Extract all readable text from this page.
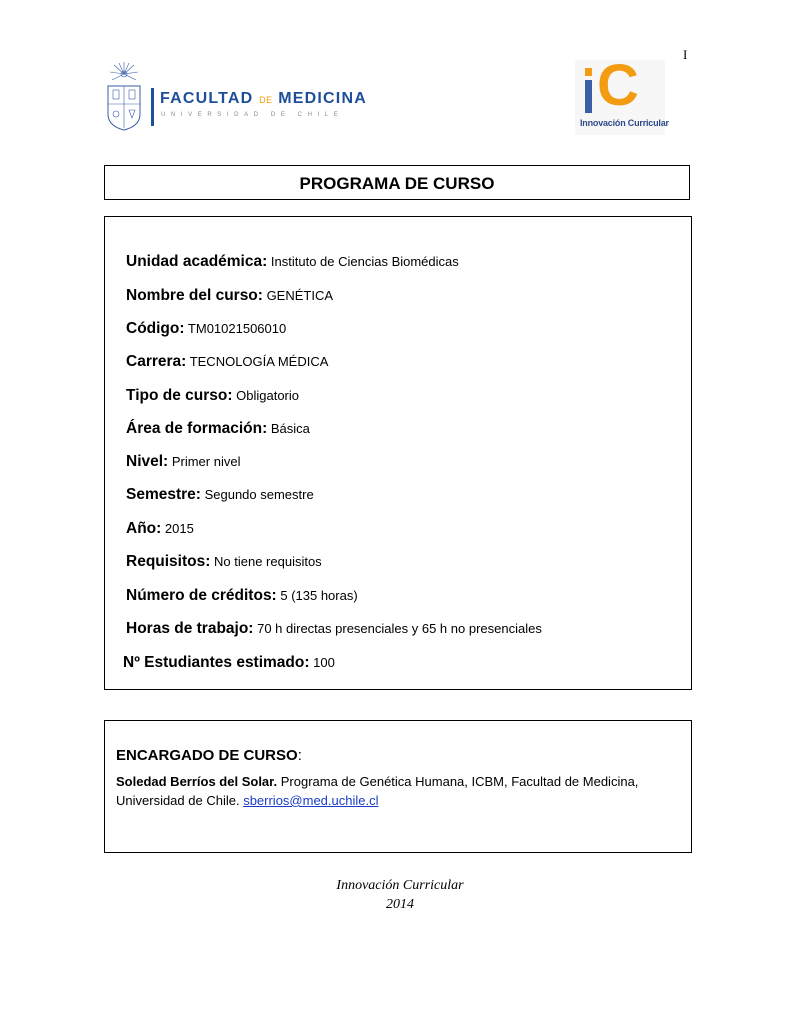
I
FACULTAD DE MEDICINA
UNIVERSIDAD DE CHILE	C
Innovación Curricular
PROGRAMA DE CURSO
Unidad académica: Instituto de Ciencias Biomédicas
Nombre del curso: GENÉTICA
Código: TM01021506010
Carrera: TECNOLOGÍA MÉDICA
Tipo de curso: Obligatorio
Área de formación: Básica
Nivel: Primer nivel
Semestre: Segundo semestre
Año: 2015
Requisitos: No tiene requisitos
Número de créditos: 5 (135 horas)
Horas de trabajo: 70 h directas presenciales y 65 h no presenciales
Nº Estudiantes estimado: 100
ENCARGADO DE CURSO:
Soledad Berríos del Solar. Programa de Genética Humana, ICBM, Facultad de Medicina, Universidad de Chile. sberrios@med.uchile.cl
Innovación Curricular
2014
